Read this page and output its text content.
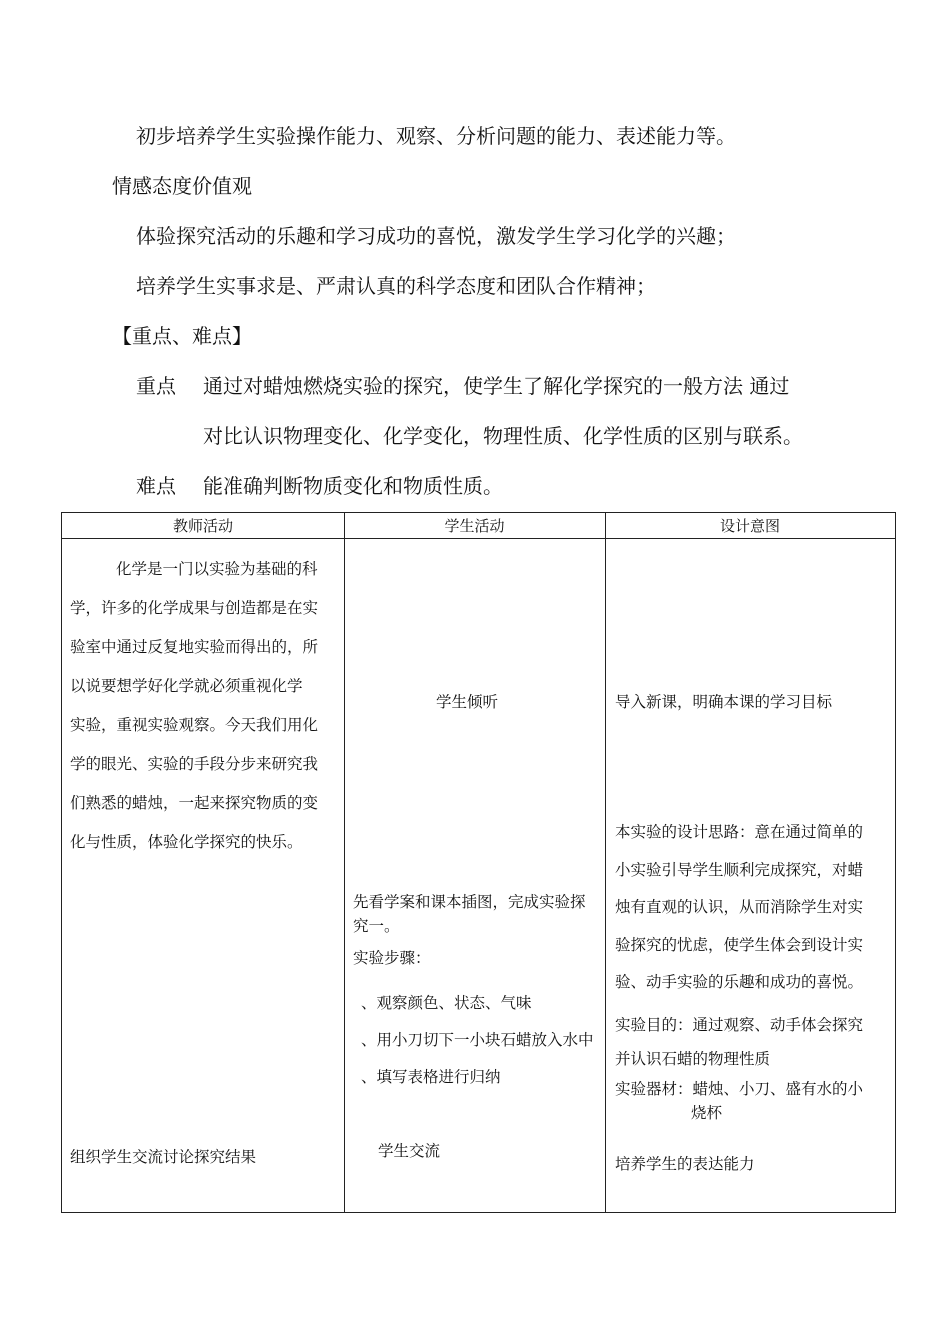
初步培养学生实验操作能力、观察、分析问题的能力、表述能力等。
情感态度价值观
体验探究活动的乐趣和学习成功的喜悦，激发学生学习化学的兴趣；
培养学生实事求是、严肃认真的科学态度和团队合作精神；
【重点、难点】
重点 通过对蜡烛燃烧实验的探究，使学生了解化学探究的一般方法 通过
对比认识物理变化、化学变化，物理性质、化学性质的区别与联系。
难点 能准确判断物质变化和物质性质。
教师活动	学生活动	设计意图
化学是一门以实验为基础的科
学，许多的化学成果与创造都是在实
验室中通过反复地实验而得出的，所
以说要想学好化学就必须重视化学
实验，重视实验观察。今天我们用化
学的眼光、实验的手段分步来研究我
们熟悉的蜡烛，一起来探究物质的变
化与性质，体验化学探究的快乐。
组织学生交流讨论探究结果
学生倾听
先看学案和课本插图，完成实验探
究一。
实验步骤：
、观察颜色、状态、气味
、用小刀切下一小块石蜡放入水中
、填写表格进行归纳
学生交流
导入新课，明确本课的学习目标
本实验的设计思路：意在通过简单的
小实验引导学生顺利完成探究，对蜡
烛有直观的认识，从而消除学生对实
验探究的忧虑，使学生体会到设计实
验、动手实验的乐趣和成功的喜悦。
实验目的：通过观察、动手体会探究
并认识石蜡的物理性质
实验器材：蜡烛、小刀、盛有水的小
烧杯
培养学生的表达能力
